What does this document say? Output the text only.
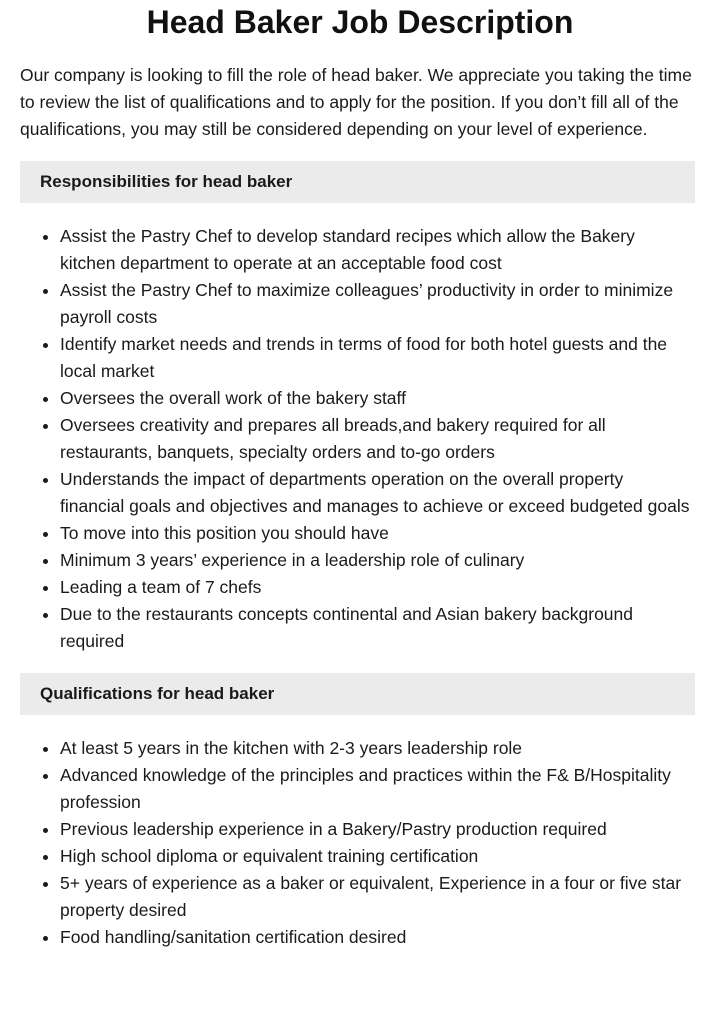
Head Baker Job Description

Our company is looking to fill the role of head baker. We appreciate you taking the time to review the list of qualifications and to apply for the position. If you don’t fill all of the qualifications, you may still be considered depending on your level of experience.

Responsibilities for head baker
• Assist the Pastry Chef to develop standard recipes which allow the Bakery kitchen department to operate at an acceptable food cost
• Assist the Pastry Chef to maximize colleagues’ productivity in order to minimize payroll costs
• Identify market needs and trends in terms of food for both hotel guests and the local market
• Oversees the overall work of the bakery staff
• Oversees creativity and prepares all breads,and bakery required for all restaurants, banquets, specialty orders and to-go orders
• Understands the impact of departments operation on the overall property financial goals and objectives and manages to achieve or exceed budgeted goals
• To move into this position you should have
• Minimum 3 years’ experience in a leadership role of culinary
• Leading a team of 7 chefs
• Due to the restaurants concepts continental and Asian bakery background required
Qualifications for head baker
• At least 5 years in the kitchen with 2-3 years leadership role
• Advanced knowledge of the principles and practices within the F& B/Hospitality profession
• Previous leadership experience in a Bakery/Pastry production required
• High school diploma or equivalent training certification
• 5+ years of experience as a baker or equivalent, Experience in a four or five star property desired
• Food handling/sanitation certification desired
